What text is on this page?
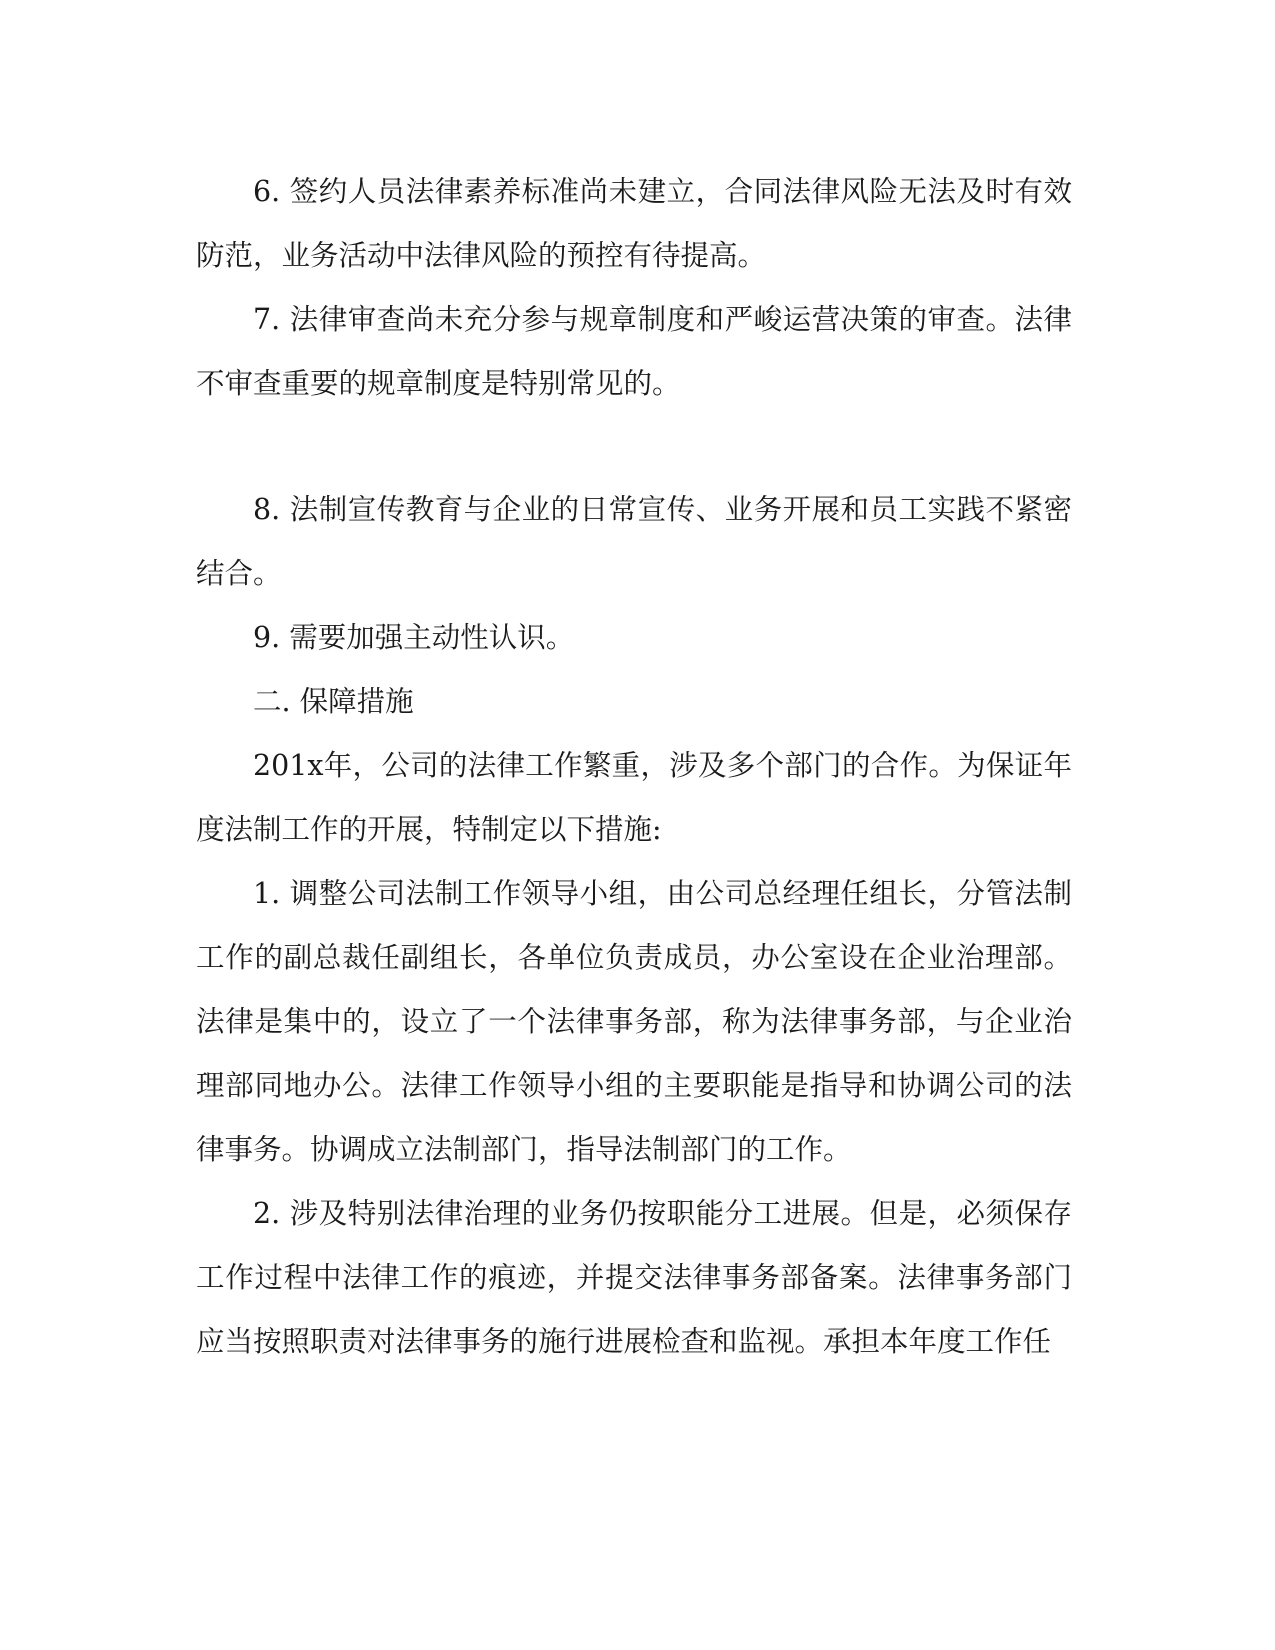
6. 签约人员法律素养标准尚未建立，合同法律风险无法及时有效防范，业务活动中法律风险的预控有待提高。

7. 法律审查尚未充分参与规章制度和严峻运营决策的审查。法律不审查重要的规章制度是特别常见的。

8. 法制宣传教育与企业的日常宣传、业务开展和员工实践不紧密结合。

9. 需要加强主动性认识。

二. 保障措施

201x年，公司的法律工作繁重，涉及多个部门的合作。为保证年度法制工作的开展，特制定以下措施:

1. 调整公司法制工作领导小组，由公司总经理任组长，分管法制工作的副总裁任副组长，各单位负责成员，办公室设在企业治理部。法律是集中的，设立了一个法律事务部，称为法律事务部，与企业治理部同地办公。法律工作领导小组的主要职能是指导和协调公司的法律事务。协调成立法制部门，指导法制部门的工作。

2. 涉及特别法律治理的业务仍按职能分工进展。但是，必须保存工作过程中法律工作的痕迹，并提交法律事务部备案。法律事务部门应当按照职责对法律事务的施行进展检查和监视。承担本年度工作任
